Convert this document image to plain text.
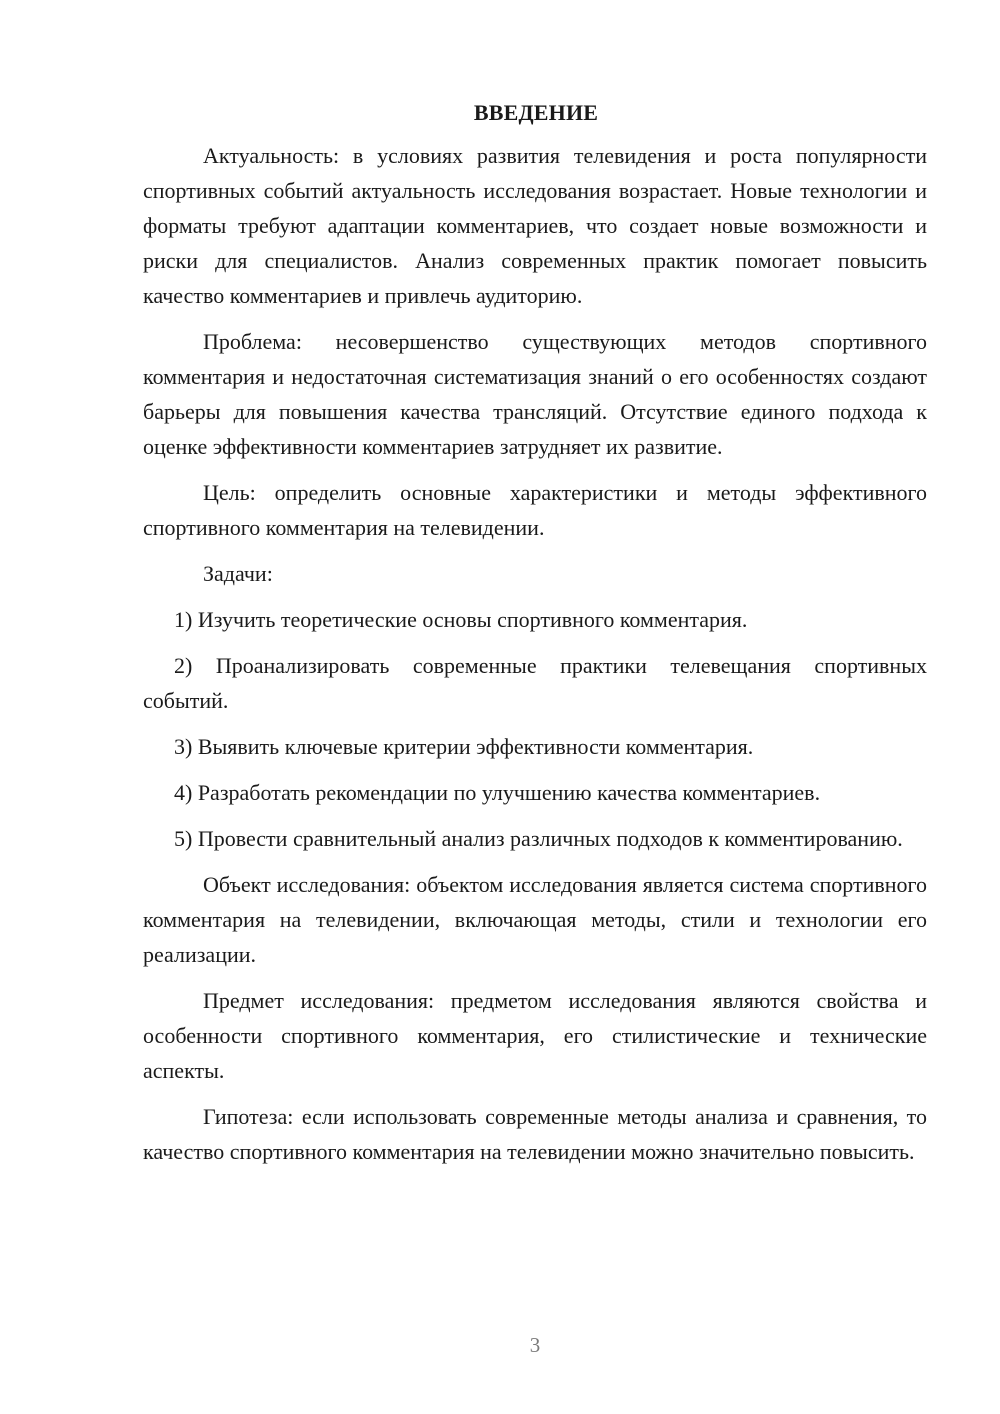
ВВЕДЕНИЕ

Актуальность: в условиях развития телевидения и роста популярности спортивных событий актуальность исследования возрастает. Новые технологии и форматы требуют адаптации комментариев, что создает новые возможности и риски для специалистов. Анализ современных практик помогает повысить качество комментариев и привлечь аудиторию.

Проблема: несовершенство существующих методов спортивного комментария и недостаточная систематизация знаний о его особенностях создают барьеры для повышения качества трансляций. Отсутствие единого подхода к оценке эффективности комментариев затрудняет их развитие.

Цель: определить основные характеристики и методы эффективного спортивного комментария на телевидении.

Задачи:

1) Изучить теоретические основы спортивного комментария.

2) Проанализировать современные практики телевещания спортивных событий.

3) Выявить ключевые критерии эффективности комментария.

4) Разработать рекомендации по улучшению качества комментариев.

5) Провести сравнительный анализ различных подходов к комментированию.

Объект исследования: объектом исследования является система спортивного комментария на телевидении, включающая методы, стили и технологии его реализации.

Предмет исследования: предметом исследования являются свойства и особенности спортивного комментария, его стилистические и технические аспекты.

Гипотеза: если использовать современные методы анализа и сравнения, то качество спортивного комментария на телевидении можно значительно повысить.

3
